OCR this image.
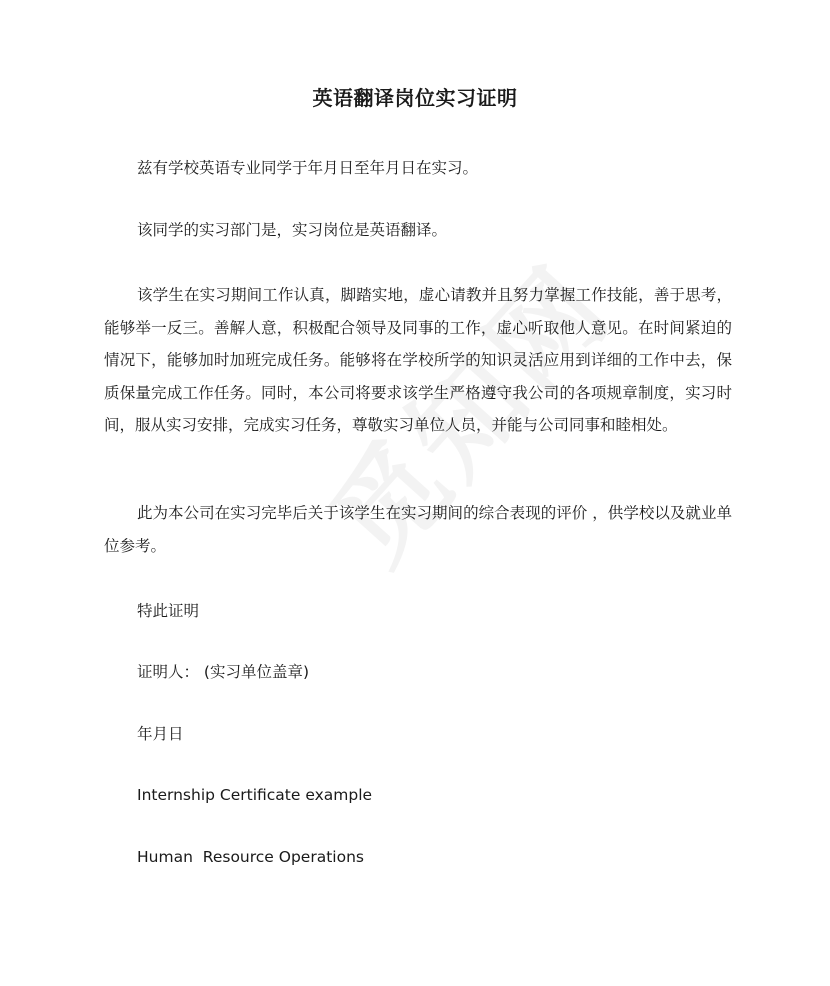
英语翻译岗位实习证明
兹有学校英语专业同学于年月日至年月日在实习。
该同学的实习部门是，实习岗位是英语翻译。
该学生在实习期间工作认真，脚踏实地，虚心请教并且努力掌握工作技能，善于思考，能够举一反三。善解人意，积极配合领导及同事的工作，虚心听取他人意见。在时间紧迫的情况下，能够加时加班完成任务。能够将在学校所学的知识灵活应用到详细的工作中去，保质保量完成工作任务。同时，本公司将要求该学生严格遵守我公司的各项规章制度，实习时间，服从实习安排，完成实习任务，尊敬实习单位人员，并能与公司同事和睦相处。
此为本公司在实习完毕后关于该学生在实习期间的综合表现的评价 ，供学校以及就业单位参考。
特此证明
证明人： (实习单位盖章)
年月日
Internship Certificate example
Human  Resource Operations
